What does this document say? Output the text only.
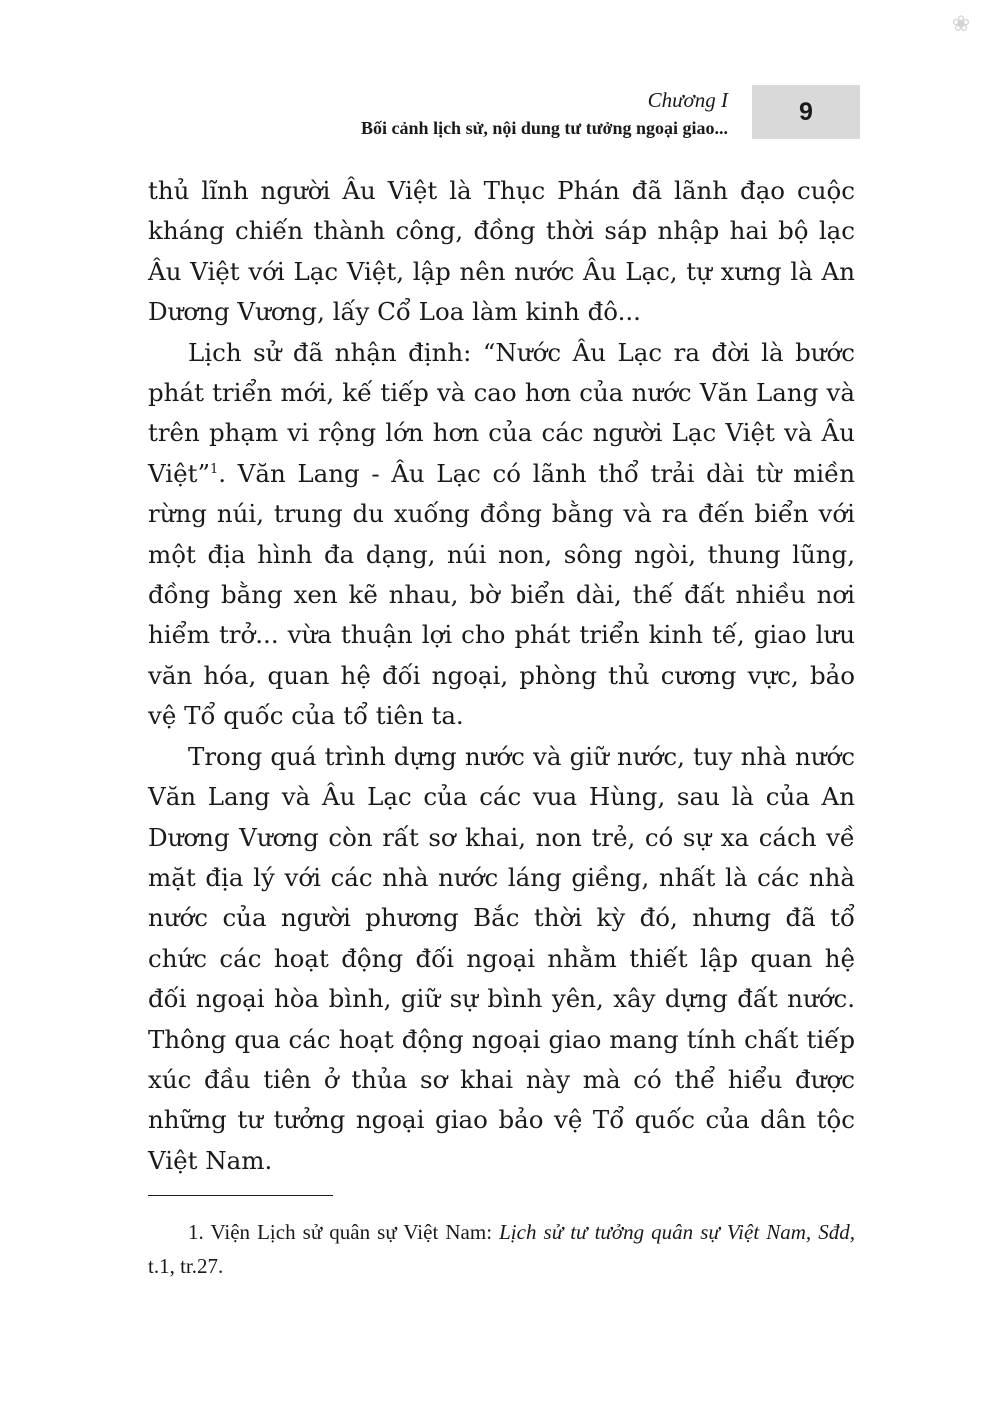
❀
Chương I
Bối cảnh lịch sử, nội dung tư tưởng ngoại giao...
9

thủ lĩnh người Âu Việt là Thục Phán đã lãnh đạo cuộc kháng chiến thành công, đồng thời sáp nhập hai bộ lạc Âu Việt với Lạc Việt, lập nên nước Âu Lạc, tự xưng là An Dương Vương, lấy Cổ Loa làm kinh đô...

Lịch sử đã nhận định: “Nước Âu Lạc ra đời là bước phát triển mới, kế tiếp và cao hơn của nước Văn Lang và trên phạm vi rộng lớn hơn của các người Lạc Việt và Âu Việt”$^1$. Văn Lang - Âu Lạc có lãnh thổ trải dài từ miền rừng núi, trung du xuống đồng bằng và ra đến biển với một địa hình đa dạng, núi non, sông ngòi, thung lũng, đồng bằng xen kẽ nhau, bờ biển dài, thế đất nhiều nơi hiểm trở... vừa thuận lợi cho phát triển kinh tế, giao lưu văn hóa, quan hệ đối ngoại, phòng thủ cương vực, bảo vệ Tổ quốc của tổ tiên ta.

Trong quá trình dựng nước và giữ nước, tuy nhà nước Văn Lang và Âu Lạc của các vua Hùng, sau là của An Dương Vương còn rất sơ khai, non trẻ, có sự xa cách về mặt địa lý với các nhà nước láng giềng, nhất là các nhà nước của người phương Bắc thời kỳ đó, nhưng đã tổ chức các hoạt động đối ngoại nhằm thiết lập quan hệ đối ngoại hòa bình, giữ sự bình yên, xây dựng đất nước. Thông qua các hoạt động ngoại giao mang tính chất tiếp xúc đầu tiên ở thủa sơ khai này mà có thể hiểu được những tư tưởng ngoại giao bảo vệ Tổ quốc của dân tộc Việt Nam.

1. Viện Lịch sử quân sự Việt Nam: Lịch sử tư tưởng quân sự Việt Nam, Sđd, t.1, tr.27.
